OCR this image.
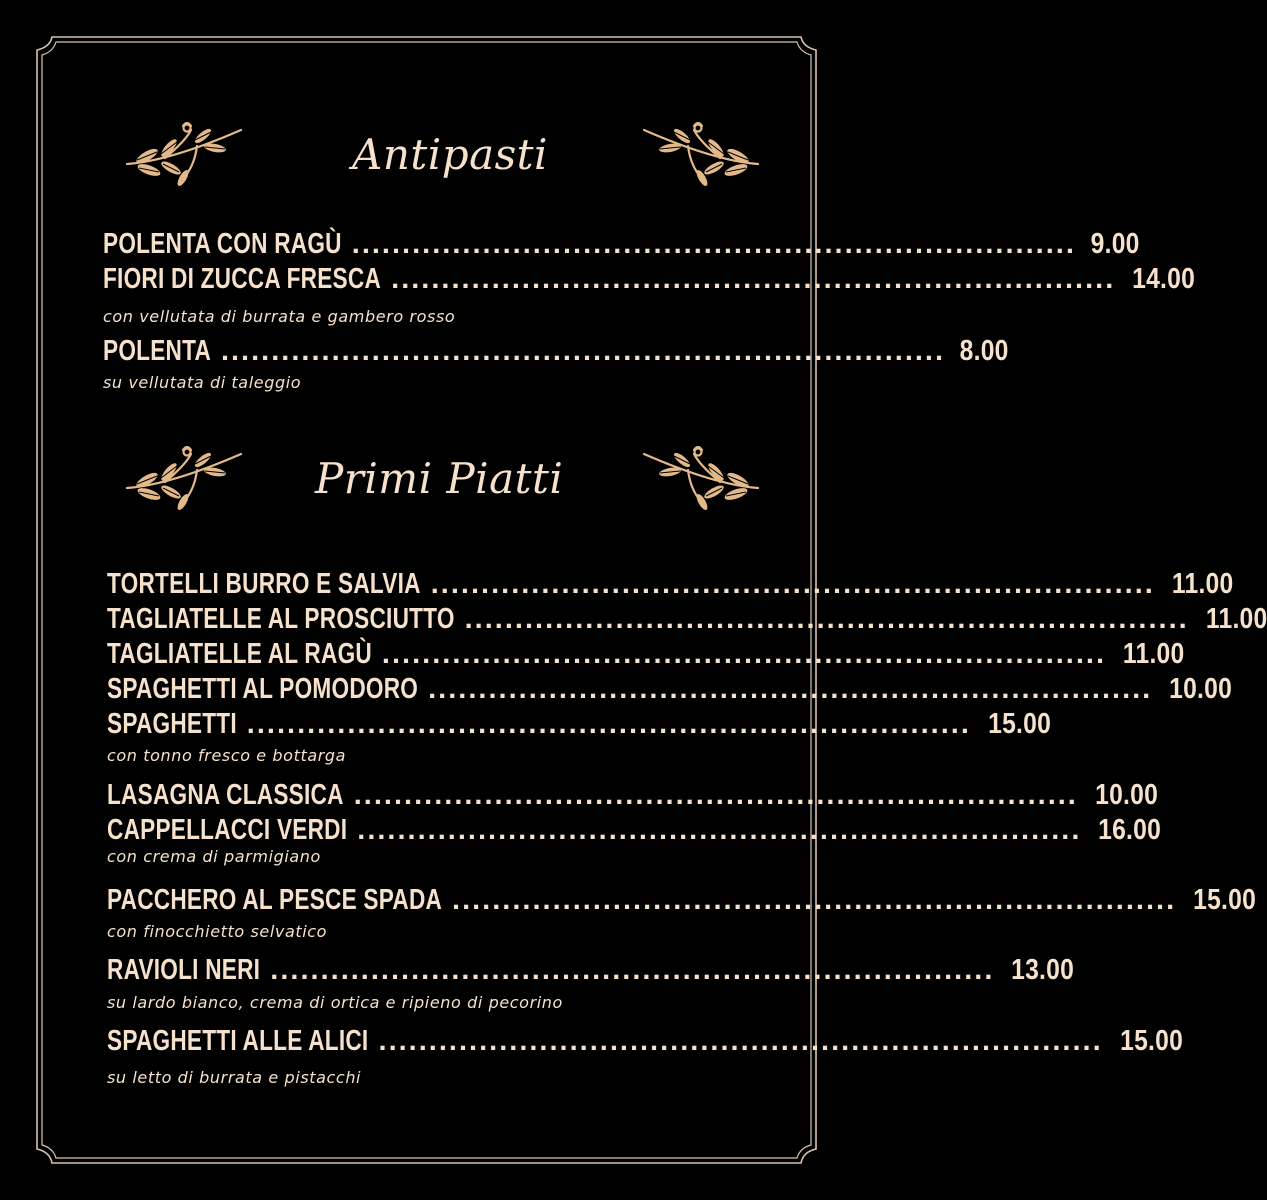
Antipasti
POLENTA CON RAGÙ ........................................................................ 9.00
FIORI DI ZUCCA FRESCA ........................................................................ 14.00
con vellutata di burrata e gambero rosso
POLENTA ........................................................................ 8.00
su vellutata di taleggio
Primi Piatti
TORTELLI BURRO E SALVIA ........................................................................ 11.00
TAGLIATELLE AL PROSCIUTTO ........................................................................ 11.00
TAGLIATELLE AL RAGÙ ........................................................................ 11.00
SPAGHETTI AL POMODORO ........................................................................ 10.00
SPAGHETTI ........................................................................ 15.00
con tonno fresco e bottarga
LASAGNA CLASSICA ........................................................................ 10.00
CAPPELLACCI VERDI ........................................................................ 16.00
con crema di parmigiano
PACCHERO AL PESCE SPADA ........................................................................ 15.00
con finocchietto selvatico
RAVIOLI NERI ........................................................................ 13.00
su lardo bianco, crema di ortica e ripieno di pecorino
SPAGHETTI ALLE ALICI ........................................................................ 15.00
su letto di burrata e pistacchi
